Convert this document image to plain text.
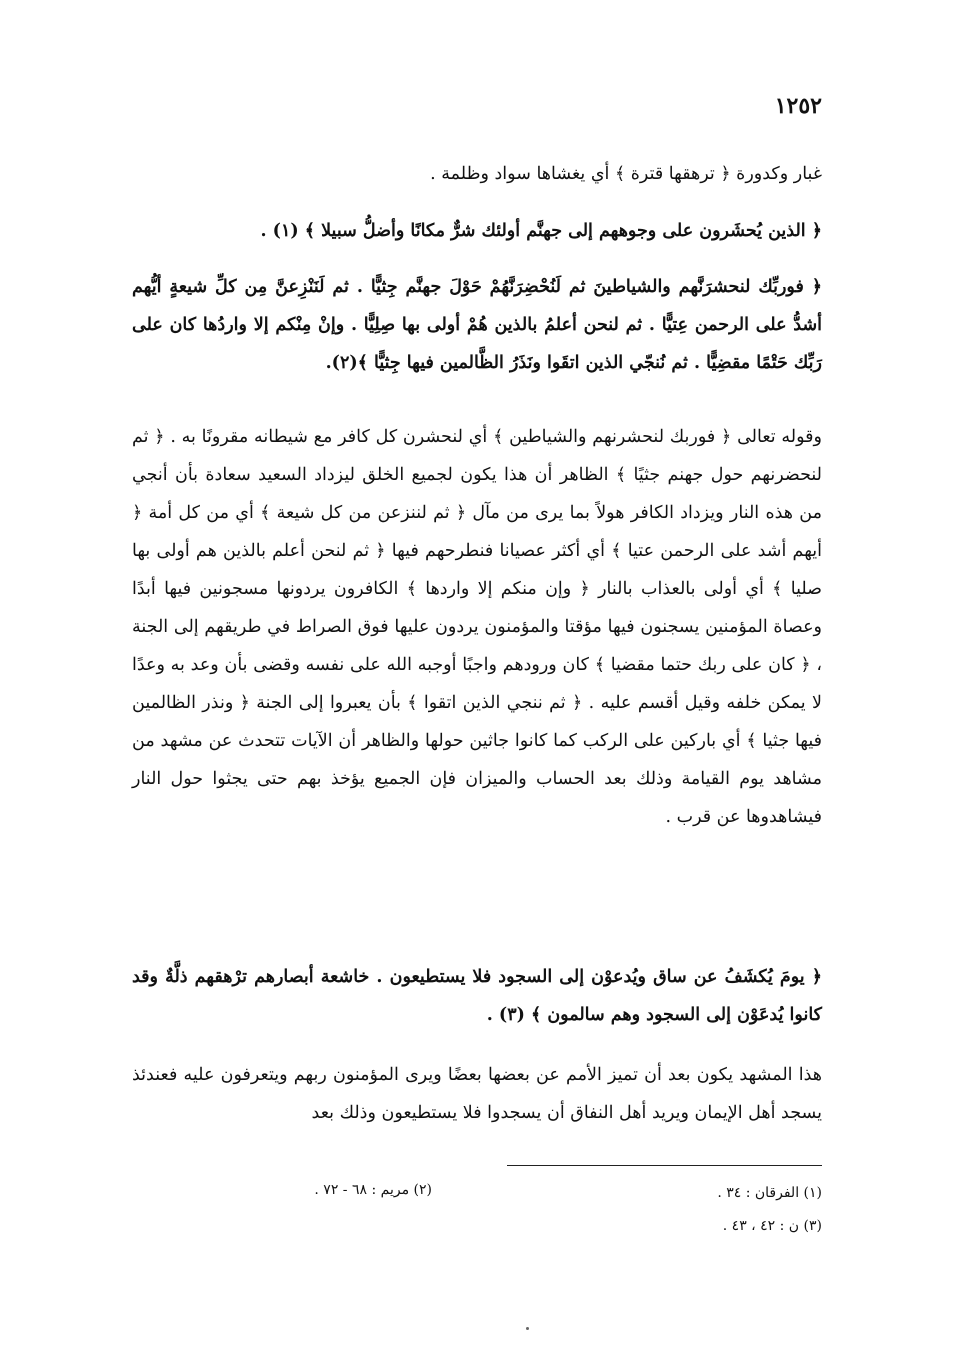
١٢٥٢
غبار وكدورة ﴿ ترهقها قترة ﴾ أي يغشاها سواد وظلمة .
﴿ الذين يُحشَرون على وجوههم إلى جهنَّم أولئك شرٌّ مكانًا وأضلُّ سبيلا ﴾ (١) .
﴿ فوربِّك لنحشرَنَّهم والشياطينَ ثم لَنُحْضِرَنَّهُمْ حَوْلَ جهنَّم جِثيًّا . ثم لَنَنْزِعنَّ مِن كلِّ شيعةٍ أيُّهم أشدُّ على الرحمن عِتيًّا . ثم لنحن أعلمُ بالذين هُمْ أولى بها صِلِيًّا . وإنْ مِنْكم إلا واردُها كان على رَبِّك حَتْمًا مقضِيًّا . ثم نُنجّي الذين اتقَوا ونَذَرُ الظَّالمين فيها جِثيًّا ﴾(٢).
وقوله تعالى ﴿ فوربك لنحشرنهم والشياطين ﴾ أي لنحشرن كل كافر مع شيطانه مقرونًا به . ﴿ ثم لنحضرنهم حول جهنم جثيًا ﴾ الظاهر أن هذا يكون لجميع الخلق ليزداد السعيد سعادة بأن أنجي من هذه النار ويزداد الكافر هولاً بما يرى من مآل ﴿ ثم لننزعن من كل شيعة ﴾ أي من كل أمة ﴿ أيهم أشد على الرحمن عتيا ﴾ أي أكثر عصيانا فنطرحهم فيها ﴿ ثم لنحن أعلم بالذين هم أولى بها صليا ﴾ أي أولى بالعذاب بالنار ﴿ وإن منكم إلا واردها ﴾ الكافرون يردونها مسجونين فيها أبدًا وعصاة المؤمنين يسجنون فيها مؤقتا والمؤمنون يردون عليها فوق الصراط في طريقهم إلى الجنة ، ﴿ كان على ربك حتما مقضيا ﴾ كان ورودهم واجبًا أوجبه الله على نفسه وقضى بأن وعد به وعدًا لا يمكن خلفه وقيل أقسم عليه . ﴿ ثم ننجي الذين اتقوا ﴾ بأن يعبروا إلى الجنة ﴿ ونذر الظالمين فيها جثيا ﴾ أي باركين على الركب كما كانوا جاثين حولها والظاهر أن الآيات تتحدث عن مشهد من مشاهد يوم القيامة وذلك بعد الحساب والميزان فإن الجميع يؤخذ بهم حتى يجثوا حول النار فيشاهدوها عن قرب .
﴿ يومَ يُكشَفُ عن ساق ويُدعوْن إلى السجود فلا يستطيعون . خاشعة أبصارهم ترْهقهم ذلَّةٌ وقد كانوا يُدعَوْن إلى السجود وهم سالمون ﴾ (٣) .
هذا المشهد يكون بعد أن تميز الأمم عن بعضها بعضًا ويرى المؤمنون ربهم ويتعرفون عليه فعندئذ يسجد أهل الإيمان ويريد أهل النفاق أن يسجدوا فلا يستطيعون وذلك بعد
(١) الفرقان : ٣٤ .
(٢) مريم : ٦٨ - ٧٢ .
(٣) ن : ٤٢ ، ٤٣ .
